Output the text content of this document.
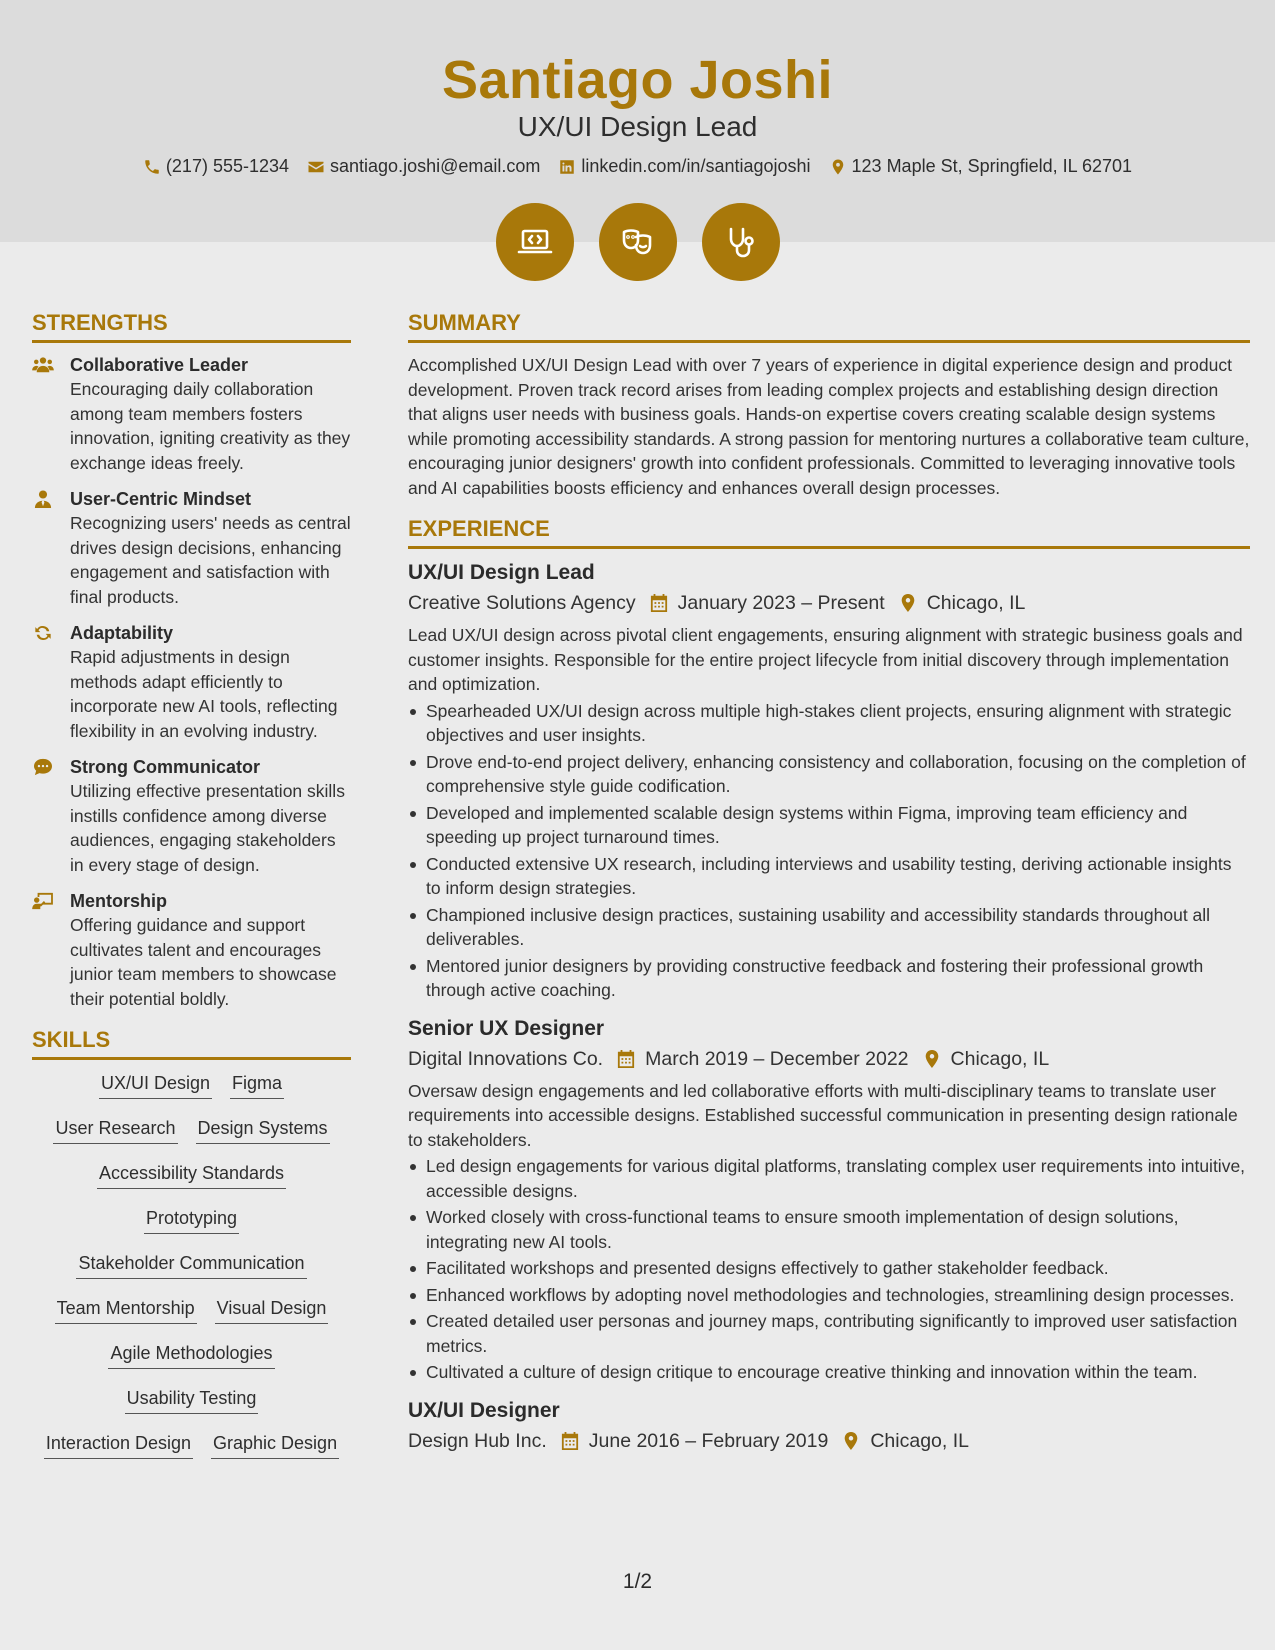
Santiago Joshi
UX/UI Design Lead
(217) 555-1234 santiago.joshi@email.com linkedin.com/in/santiagojoshi 123 Maple St, Springfield, IL 62701
STRENGTHS
Collaborative Leader
Encouraging daily collaboration among team members fosters innovation, igniting creativity as they exchange ideas freely.
User-Centric Mindset
Recognizing users' needs as central drives design decisions, enhancing engagement and satisfaction with final products.
Adaptability
Rapid adjustments in design methods adapt efficiently to incorporate new AI tools, reflecting flexibility in an evolving industry.
Strong Communicator
Utilizing effective presentation skills instills confidence among diverse audiences, engaging stakeholders in every stage of design.
Mentorship
Offering guidance and support cultivates talent and encourages junior team members to showcase their potential boldly.
SKILLS
UX/UI Design Figma
User Research Design Systems
Accessibility Standards
Prototyping
Stakeholder Communication
Team Mentorship Visual Design
Agile Methodologies
Usability Testing
Interaction Design Graphic Design
SUMMARY
Accomplished UX/UI Design Lead with over 7 years of experience in digital experience design and product development. Proven track record arises from leading complex projects and establishing design direction that aligns user needs with business goals. Hands-on expertise covers creating scalable design systems while promoting accessibility standards. A strong passion for mentoring nurtures a collaborative team culture, encouraging junior designers' growth into confident professionals. Committed to leveraging innovative tools and AI capabilities boosts efficiency and enhances overall design processes.
EXPERIENCE
UX/UI Design Lead
Creative Solutions Agency January 2023 – Present Chicago, IL
Lead UX/UI design across pivotal client engagements, ensuring alignment with strategic business goals and customer insights. Responsible for the entire project lifecycle from initial discovery through implementation and optimization.
Spearheaded UX/UI design across multiple high-stakes client projects, ensuring alignment with strategic objectives and user insights.
Drove end-to-end project delivery, enhancing consistency and collaboration, focusing on the completion of comprehensive style guide codification.
Developed and implemented scalable design systems within Figma, improving team efficiency and speeding up project turnaround times.
Conducted extensive UX research, including interviews and usability testing, deriving actionable insights to inform design strategies.
Championed inclusive design practices, sustaining usability and accessibility standards throughout all deliverables.
Mentored junior designers by providing constructive feedback and fostering their professional growth through active coaching.
Senior UX Designer
Digital Innovations Co. March 2019 – December 2022 Chicago, IL
Oversaw design engagements and led collaborative efforts with multi-disciplinary teams to translate user requirements into accessible designs. Established successful communication in presenting design rationale to stakeholders.
Led design engagements for various digital platforms, translating complex user requirements into intuitive, accessible designs.
Worked closely with cross-functional teams to ensure smooth implementation of design solutions, integrating new AI tools.
Facilitated workshops and presented designs effectively to gather stakeholder feedback.
Enhanced workflows by adopting novel methodologies and technologies, streamlining design processes.
Created detailed user personas and journey maps, contributing significantly to improved user satisfaction metrics.
Cultivated a culture of design critique to encourage creative thinking and innovation within the team.
UX/UI Designer
Design Hub Inc. June 2016 – February 2019 Chicago, IL
1/2
